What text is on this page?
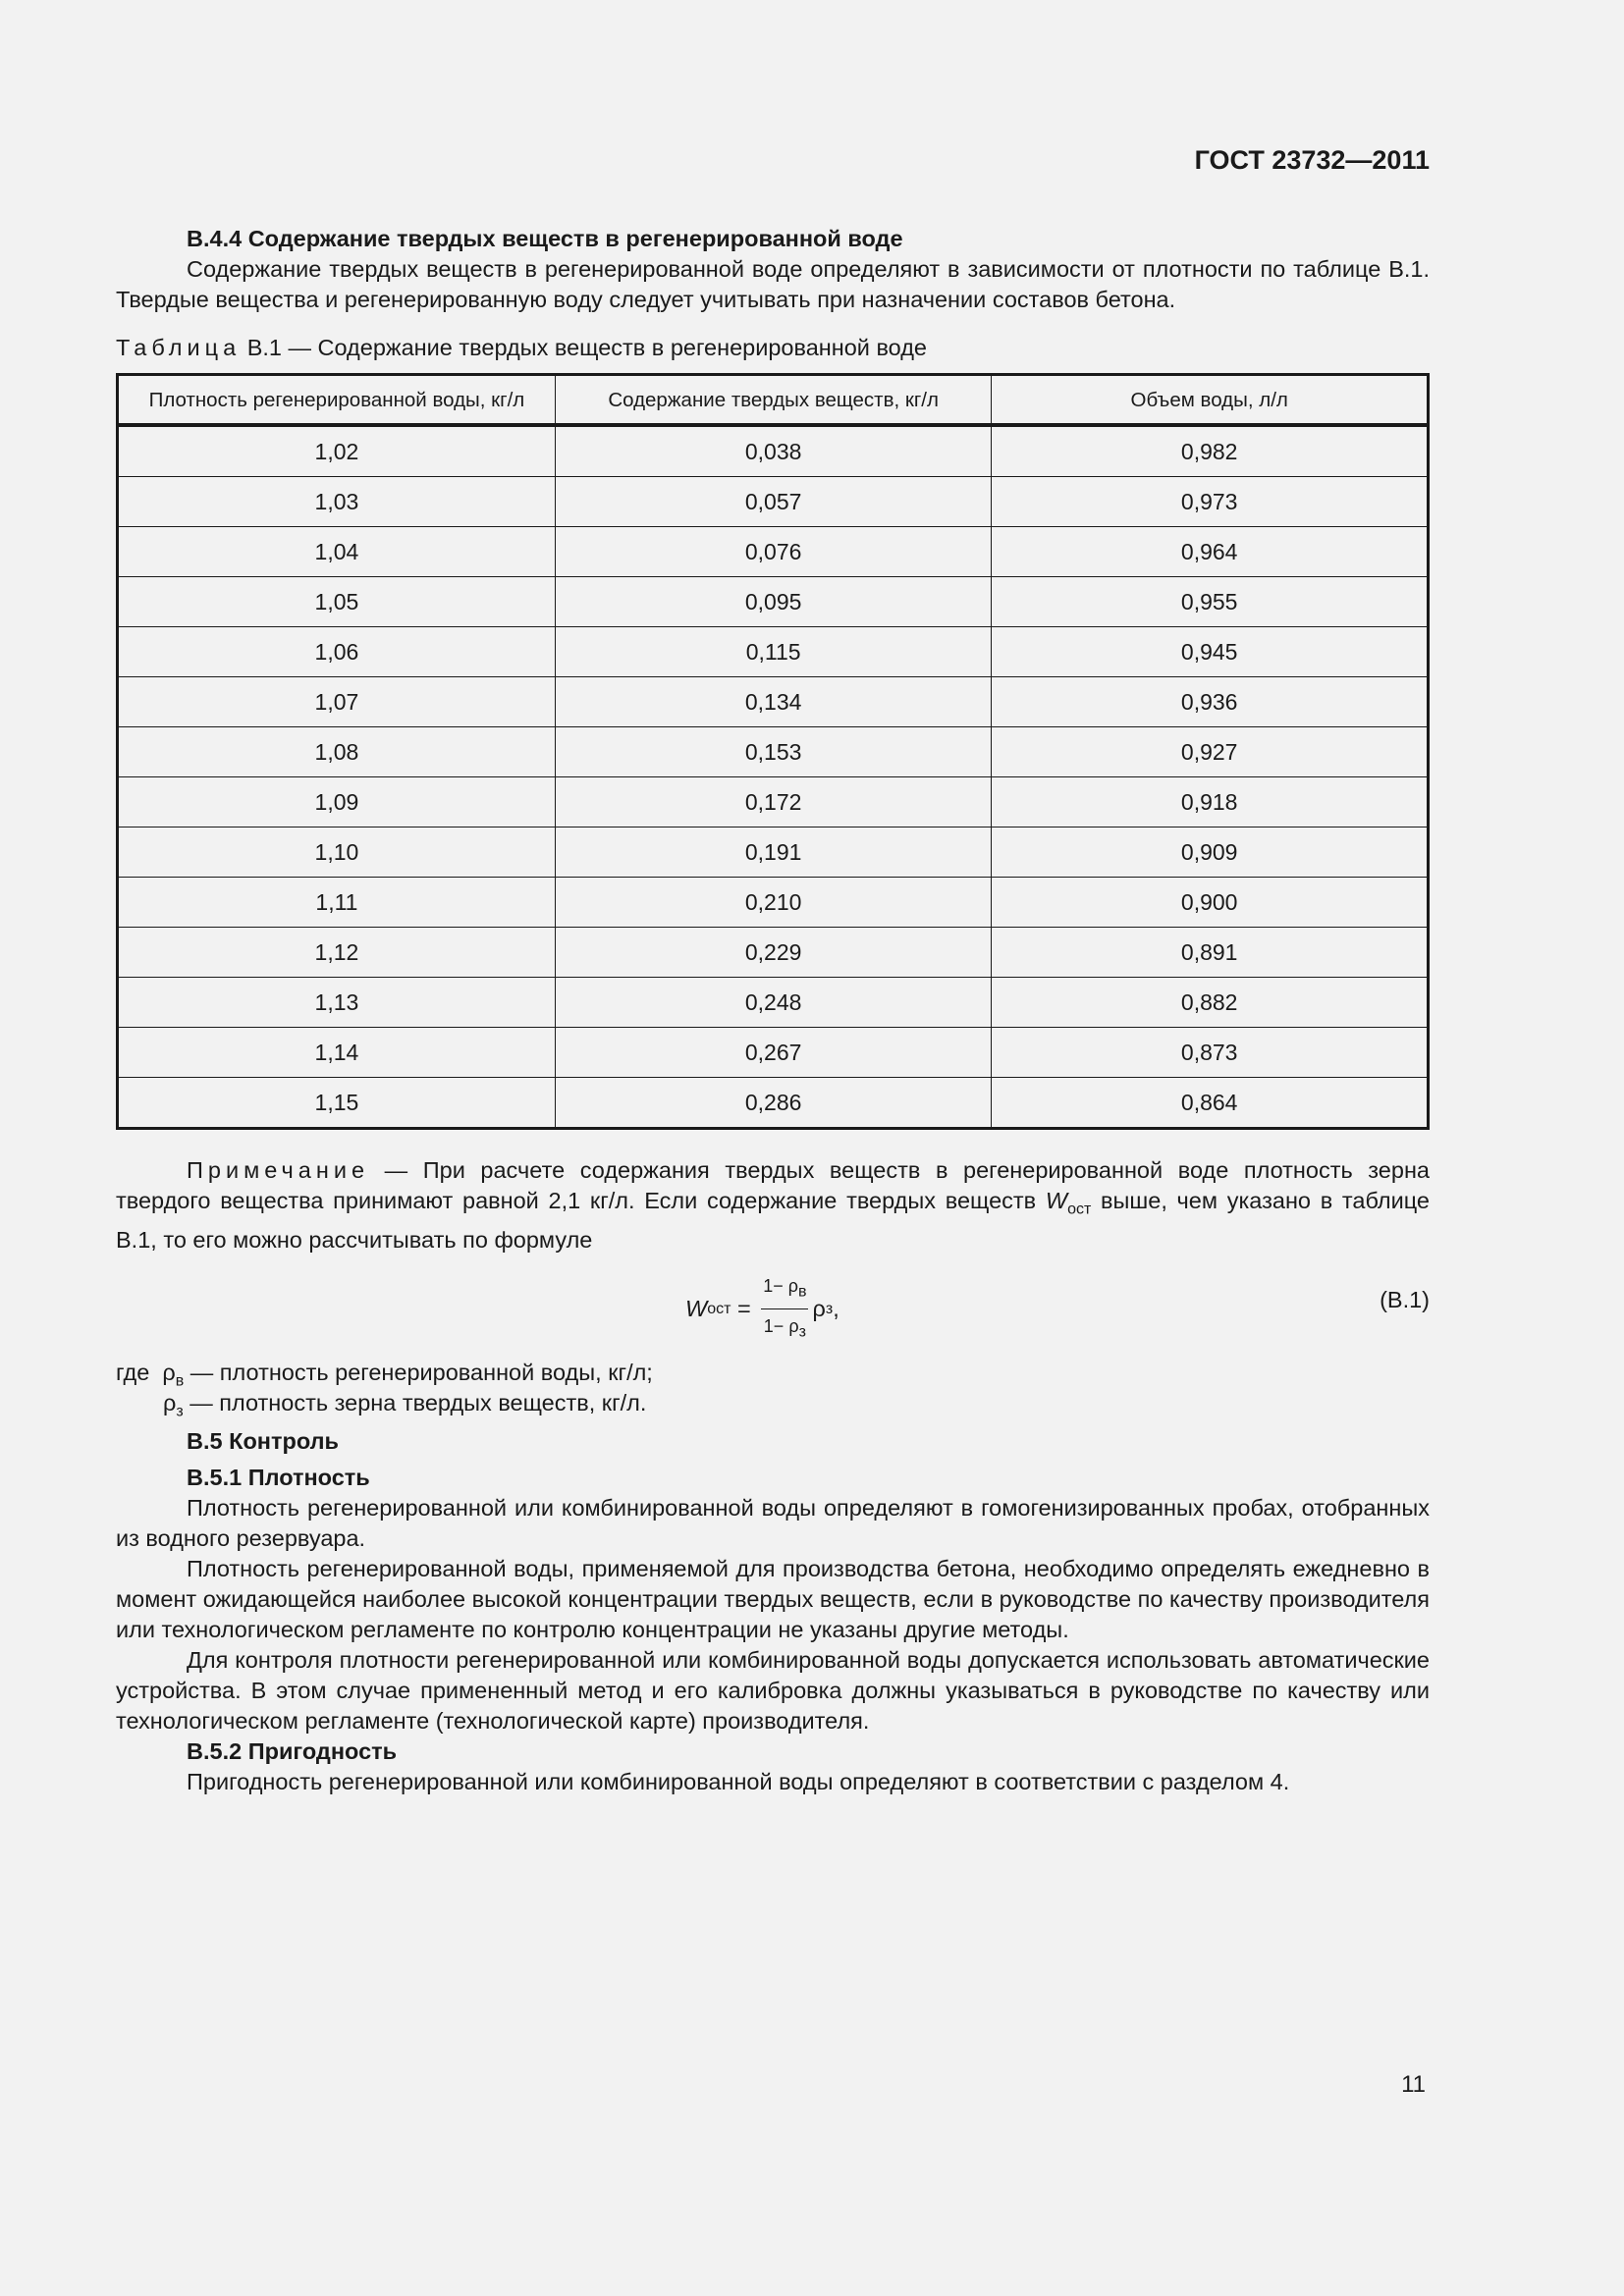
ГОСТ 23732—2011

В.4.4 Содержание твердых веществ в регенерированной воде

Содержание твердых веществ в регенерированной воде определяют в зависимости от плотности по таблице В.1. Твердые вещества и регенерированную воду следует учитывать при назначении составов бетона.

Таблица В.1 — Содержание твердых веществ в регенерированной воде
Плотность регенерированной воды, кг/л	Содержание твердых веществ, кг/л	Объем воды, л/л
1,02	0,038	0,982
1,03	0,057	0,973
1,04	0,076	0,964
1,05	0,095	0,955
1,06	0,115	0,945
1,07	0,134	0,936
1,08	0,153	0,927
1,09	0,172	0,918
1,10	0,191	0,909
1,11	0,210	0,900
1,12	0,229	0,891
1,13	0,248	0,882
1,14	0,267	0,873
1,15	0,286	0,864

Примечание — При расчете содержания твердых веществ в регенерированной воде плотность зерна твердого вещества принимают равной 2,1 кг/л. Если содержание твердых веществ $W_{ост}$ выше, чем указано в таблице В.1, то его можно рассчитывать по формуле

W ост = $\frac{1- \rho_в}{1- \rho_з}$ ρ з ,	(В.1)
где $\rho_в$ — плотность регенерированной воды, кг/л;
$\rho_з$ — плотность зерна твердых веществ, кг/л.

В.5 Контроль

В.5.1 Плотность

Плотность регенерированной или комбинированной воды определяют в гомогенизированных пробах, отобранных из водного резервуара.

Плотность регенерированной воды, применяемой для производства бетона, необходимо определять ежедневно в момент ожидающейся наиболее высокой концентрации твердых веществ, если в руководстве по качеству производителя или технологическом регламенте по контролю концентрации не указаны другие методы.

Для контроля плотности регенерированной или комбинированной воды допускается использовать автоматические устройства. В этом случае примененный метод и его калибровка должны указываться в руководстве по качеству или технологическом регламенте (технологической карте) производителя.

В.5.2 Пригодность

Пригодность регенерированной или комбинированной воды определяют в соответствии с разделом 4.

11
